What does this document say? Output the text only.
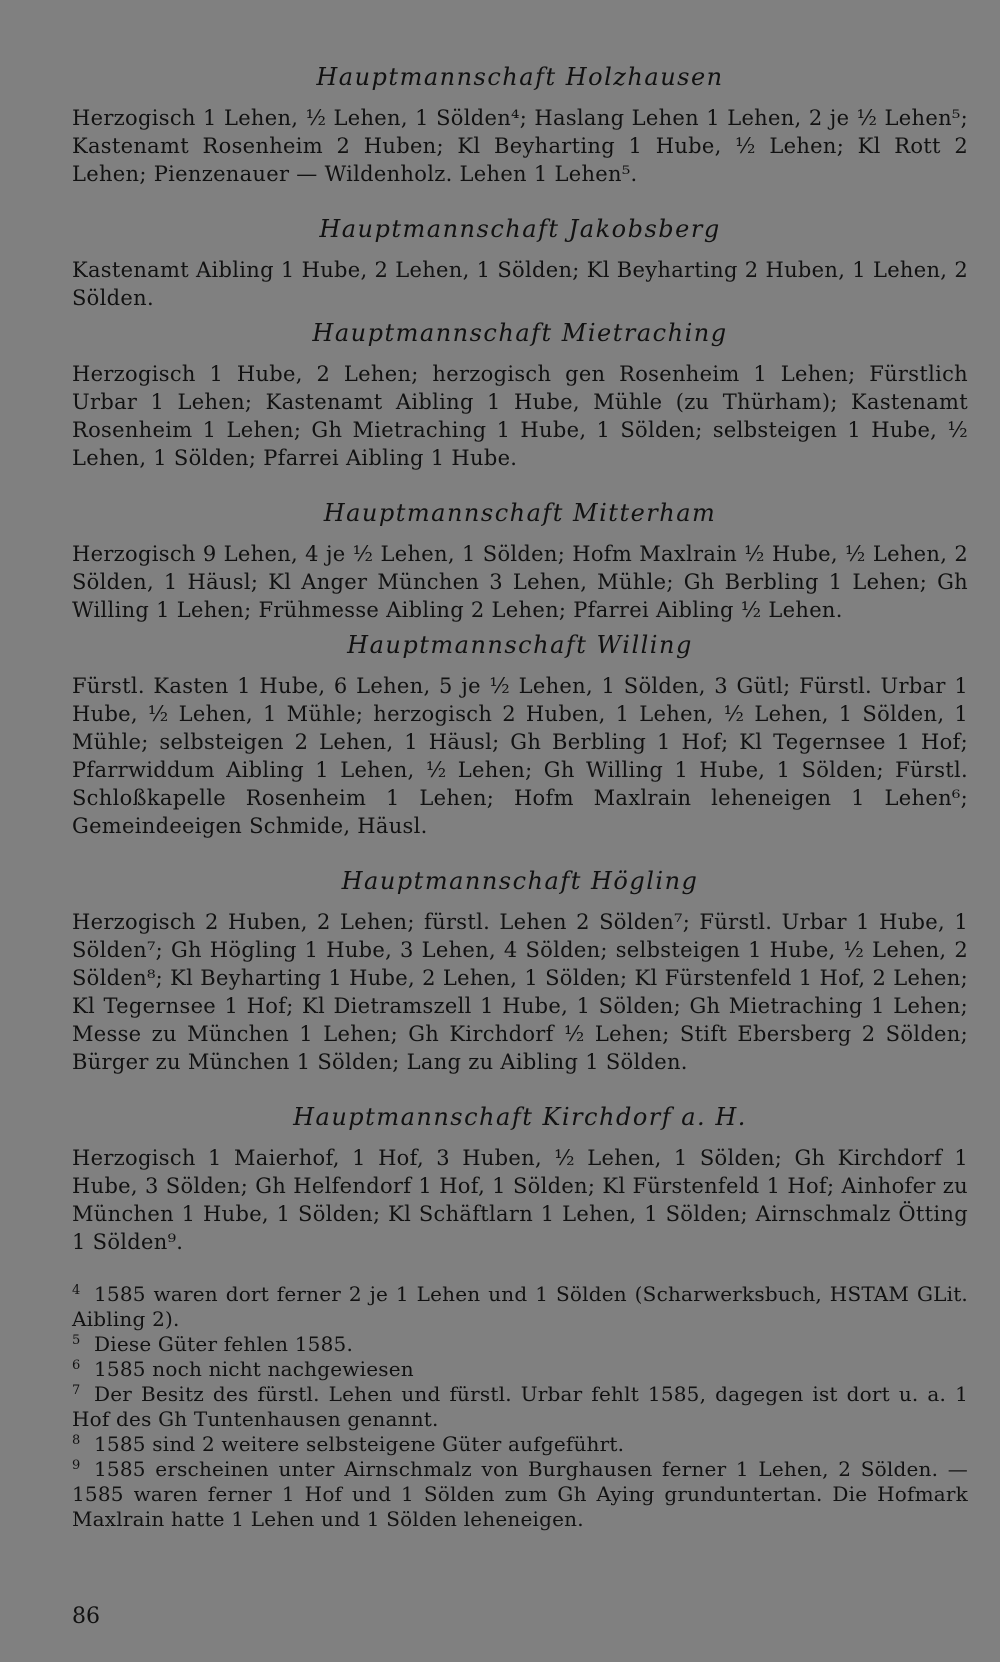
Hauptmannschaft Holzhausen

Herzogisch 1 Lehen, ½ Lehen, 1 Sölden⁴; Haslang Lehen 1 Lehen, 2 je ½ Lehen⁵; Kastenamt Rosenheim 2 Huben; Kl Beyharting 1 Hube, ½ Lehen; Kl Rott 2 Lehen; Pienzenauer — Wildenholz. Lehen 1 Lehen⁵.

Hauptmannschaft Jakobsberg

Kastenamt Aibling 1 Hube, 2 Lehen, 1 Sölden; Kl Beyharting 2 Huben, 1 Lehen, 2 Sölden.

Hauptmannschaft Mietraching

Herzogisch 1 Hube, 2 Lehen; herzogisch gen Rosenheim 1 Lehen; Fürstlich Urbar 1 Lehen; Kastenamt Aibling 1 Hube, Mühle (zu Thürham); Kastenamt Rosenheim 1 Lehen; Gh Mietraching 1 Hube, 1 Sölden; selbsteigen 1 Hube, ½ Lehen, 1 Sölden; Pfarrei Aibling 1 Hube.

Hauptmannschaft Mitterham

Herzogisch 9 Lehen, 4 je ½ Lehen, 1 Sölden; Hofm Maxlrain ½ Hube, ½ Lehen, 2 Sölden, 1 Häusl; Kl Anger München 3 Lehen, Mühle; Gh Berbling 1 Lehen; Gh Willing 1 Lehen; Frühmesse Aibling 2 Lehen; Pfarrei Aibling ½ Lehen.

Hauptmannschaft Willing

Fürstl. Kasten 1 Hube, 6 Lehen, 5 je ½ Lehen, 1 Sölden, 3 Gütl; Fürstl. Urbar 1 Hube, ½ Lehen, 1 Mühle; herzogisch 2 Huben, 1 Lehen, ½ Lehen, 1 Sölden, 1 Mühle; selbsteigen 2 Lehen, 1 Häusl; Gh Berbling 1 Hof; Kl Tegernsee 1 Hof; Pfarrwiddum Aibling 1 Lehen, ½ Lehen; Gh Willing 1 Hube, 1 Sölden; Fürstl. Schloßkapelle Rosenheim 1 Lehen; Hofm Maxlrain leheneigen 1 Lehen⁶; Gemeindeeigen Schmide, Häusl.

Hauptmannschaft Högling

Herzogisch 2 Huben, 2 Lehen; fürstl. Lehen 2 Sölden⁷; Fürstl. Urbar 1 Hube, 1 Sölden⁷; Gh Högling 1 Hube, 3 Lehen, 4 Sölden; selbsteigen 1 Hube, ½ Lehen, 2 Sölden⁸; Kl Beyharting 1 Hube, 2 Lehen, 1 Sölden; Kl Fürstenfeld 1 Hof, 2 Lehen; Kl Tegernsee 1 Hof; Kl Dietramszell 1 Hube, 1 Sölden; Gh Mietraching 1 Lehen; Messe zu München 1 Lehen; Gh Kirchdorf ½ Lehen; Stift Ebersberg 2 Sölden; Bürger zu München 1 Sölden; Lang zu Aibling 1 Sölden.

Hauptmannschaft Kirchdorf a. H.

Herzogisch 1 Maierhof, 1 Hof, 3 Huben, ½ Lehen, 1 Sölden; Gh Kirchdorf 1 Hube, 3 Sölden; Gh Helfendorf 1 Hof, 1 Sölden; Kl Fürstenfeld 1 Hof; Ainhofer zu München 1 Hube, 1 Sölden; Kl Schäftlarn 1 Lehen, 1 Sölden; Airnschmalz Ötting 1 Sölden⁹.

4 1585 waren dort ferner 2 je 1 Lehen und 1 Sölden (Scharwerksbuch, HSTAM GLit. Aibling 2).
5 Diese Güter fehlen 1585.
6 1585 noch nicht nachgewiesen
7 Der Besitz des fürstl. Lehen und fürstl. Urbar fehlt 1585, dagegen ist dort u. a. 1 Hof des Gh Tuntenhausen genannt.
8 1585 sind 2 weitere selbsteigene Güter aufgeführt.
9 1585 erscheinen unter Airnschmalz von Burghausen ferner 1 Lehen, 2 Sölden. — 1585 waren ferner 1 Hof und 1 Sölden zum Gh Aying grunduntertan. Die Hofmark Maxlrain hatte 1 Lehen und 1 Sölden leheneigen.
86
